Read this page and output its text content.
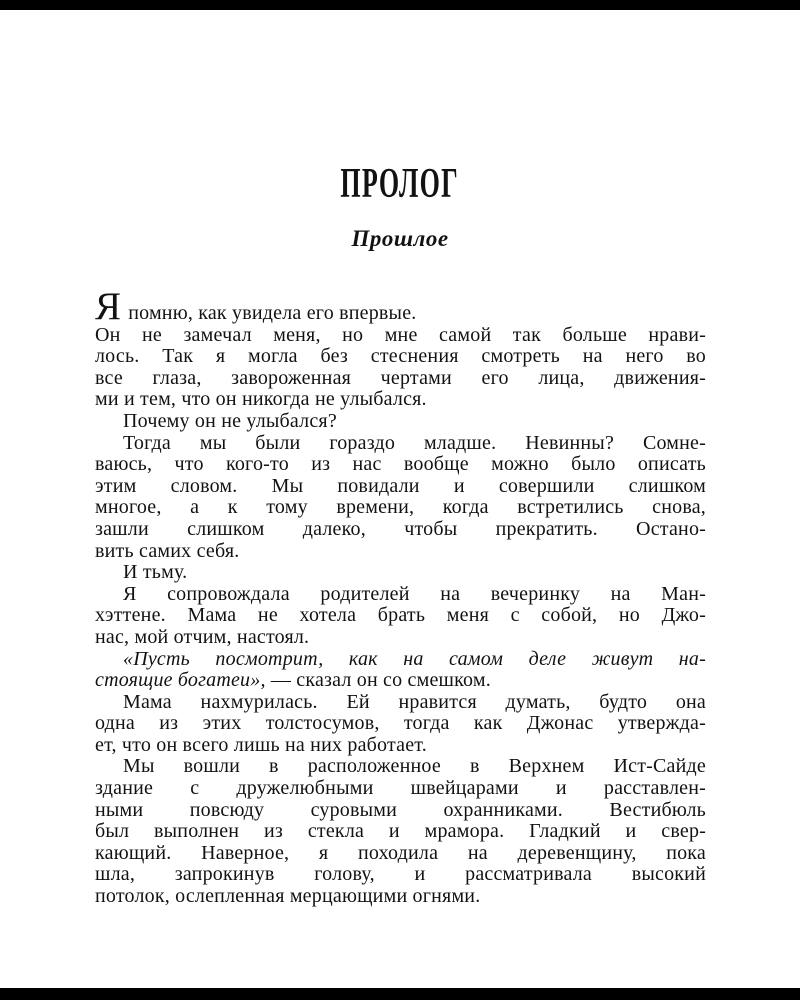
ПРОЛОГ
Прошлое
Япомню, как увидела его впервые.
Он не замечал меня, но мне самой так больше нрави-
лось. Так я могла без стеснения смотреть на него во
все глаза, завороженная чертами его лица, движения-
ми и тем, что он никогда не улыбался.
Почему он не улыбался?
Тогда мы были гораздо младше. Невинны? Сомне-
ваюсь, что кого-то из нас вообще можно было описать
этим словом. Мы повидали и совершили слишком
многое, а к тому времени, когда встретились снова,
зашли слишком далеко, чтобы прекратить. Остано-
вить самих себя.
И тьму.
Я сопровождала родителей на вечеринку на Ман-
хэттене. Мама не хотела брать меня с собой, но Джо-
нас, мой отчим, настоял.
«Пусть посмотрит, как на самом деле живут на-
стоящие богатеи», — сказал он со смешком.
Мама нахмурилась. Ей нравится думать, будто она
одна из этих толстосумов, тогда как Джонас утвержда-
ет, что он всего лишь на них работает.
Мы вошли в расположенное в Верхнем Ист-Сайде
здание с дружелюбными швейцарами и расставлен-
ными повсюду суровыми охранниками. Вестибюль
был выполнен из стекла и мрамора. Гладкий и свер-
кающий. Наверное, я походила на деревенщину, пока
шла, запрокинув голову, и рассматривала высокий
потолок, ослепленная мерцающими огнями.
